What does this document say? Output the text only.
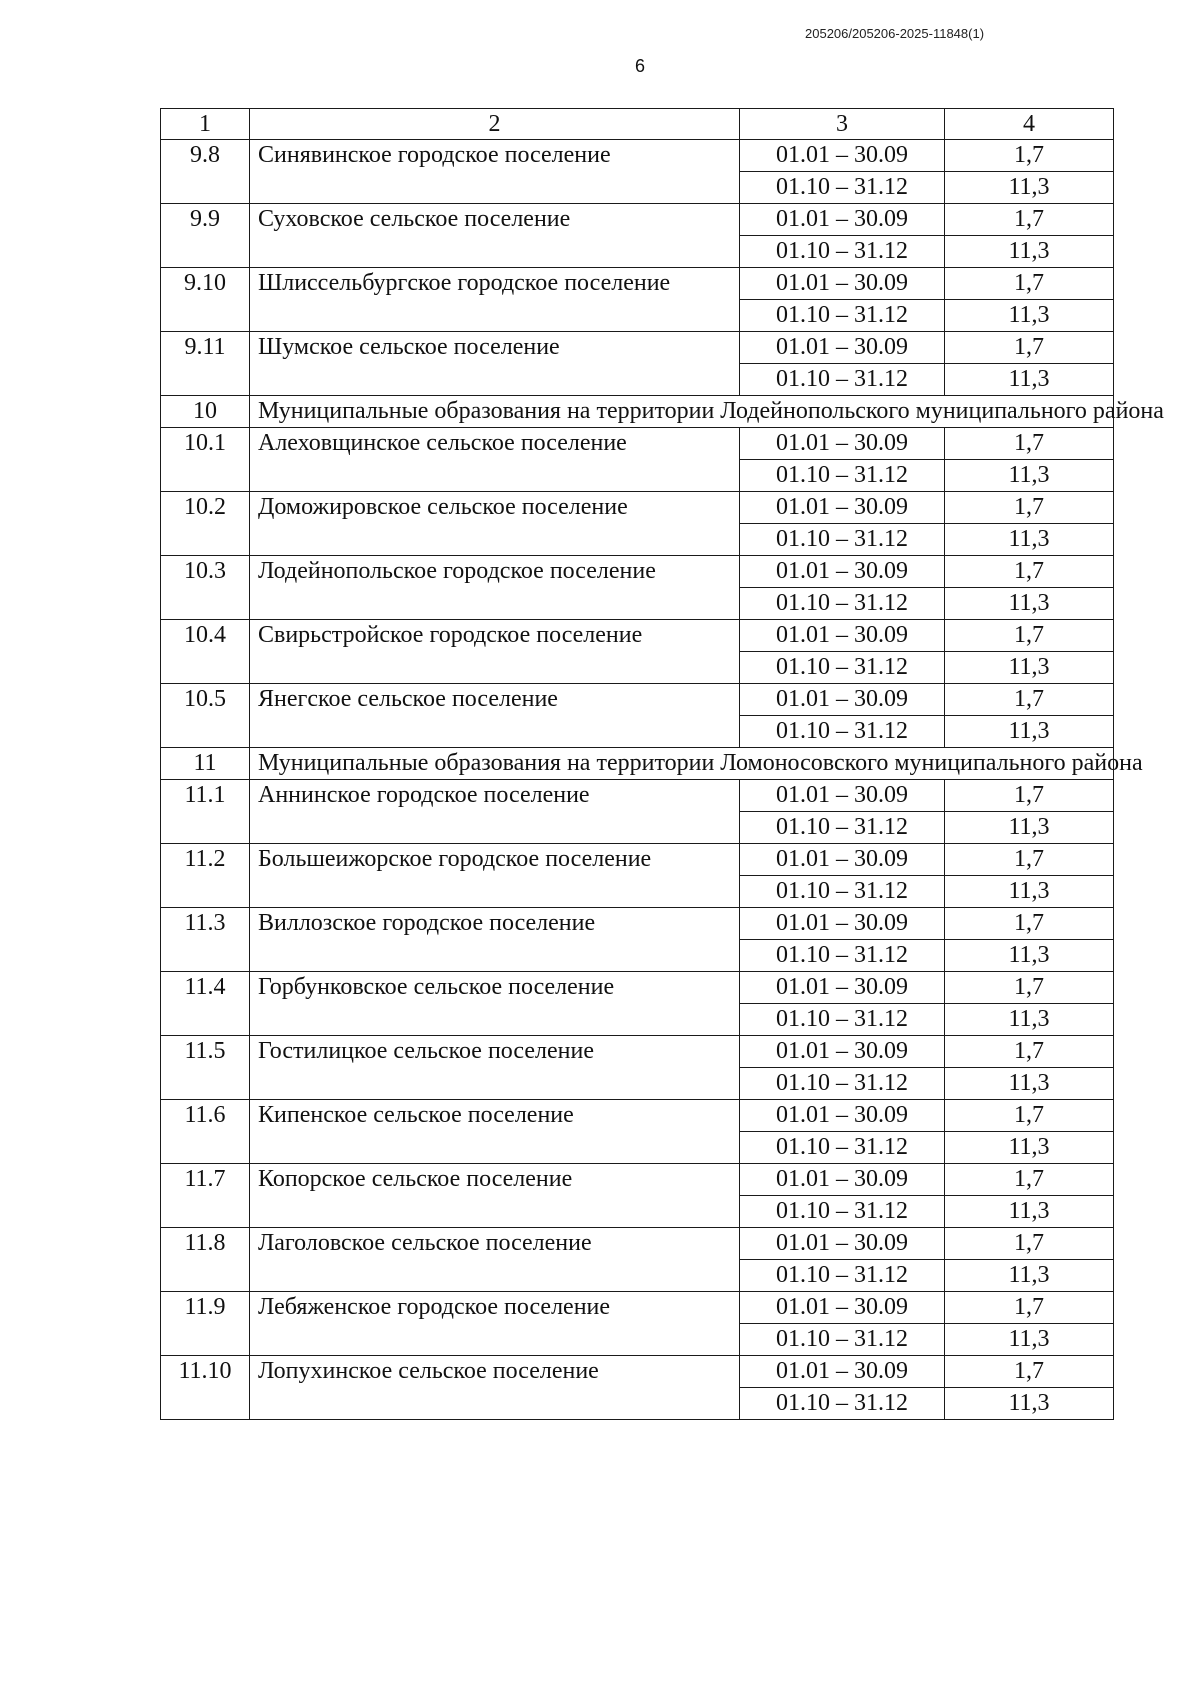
205206/205206-2025-11848(1)
6
1	2	3	4
9.8	Синявинское городское поселение	01.01 – 30.09	1,7
		01.10 – 31.12	11,3
9.9	Суховское сельское поселение	01.01 – 30.09	1,7
		01.10 – 31.12	11,3
9.10	Шлиссельбургское городское поселение	01.01 – 30.09	1,7
		01.10 – 31.12	11,3
9.11	Шумское сельское поселение	01.01 – 30.09	1,7
		01.10 – 31.12	11,3
10	Муниципальные образования на территории Лодейнопольского муниципального района		
10.1	Алеховщинское сельское поселение	01.01 – 30.09	1,7
		01.10 – 31.12	11,3
10.2	Доможировское сельское поселение	01.01 – 30.09	1,7
		01.10 – 31.12	11,3
10.3	Лодейнопольское городское поселение	01.01 – 30.09	1,7
		01.10 – 31.12	11,3
10.4	Свирьстройское городское поселение	01.01 – 30.09	1,7
		01.10 – 31.12	11,3
10.5	Янегское сельское поселение	01.01 – 30.09	1,7
		01.10 – 31.12	11,3
11	Муниципальные образования на территории Ломоносовского муниципального района		
11.1	Аннинское городское поселение	01.01 – 30.09	1,7
		01.10 – 31.12	11,3
11.2	Большеижорское городское поселение	01.01 – 30.09	1,7
		01.10 – 31.12	11,3
11.3	Виллозское городское поселение	01.01 – 30.09	1,7
		01.10 – 31.12	11,3
11.4	Горбунковское сельское поселение	01.01 – 30.09	1,7
		01.10 – 31.12	11,3
11.5	Гостилицкое сельское поселение	01.01 – 30.09	1,7
		01.10 – 31.12	11,3
11.6	Кипенское сельское поселение	01.01 – 30.09	1,7
		01.10 – 31.12	11,3
11.7	Копорское сельское поселение	01.01 – 30.09	1,7
		01.10 – 31.12	11,3
11.8	Лаголовское сельское поселение	01.01 – 30.09	1,7
		01.10 – 31.12	11,3
11.9	Лебяженское городское поселение	01.01 – 30.09	1,7
		01.10 – 31.12	11,3
11.10	Лопухинское сельское поселение	01.01 – 30.09	1,7
		01.10 – 31.12	11,3
